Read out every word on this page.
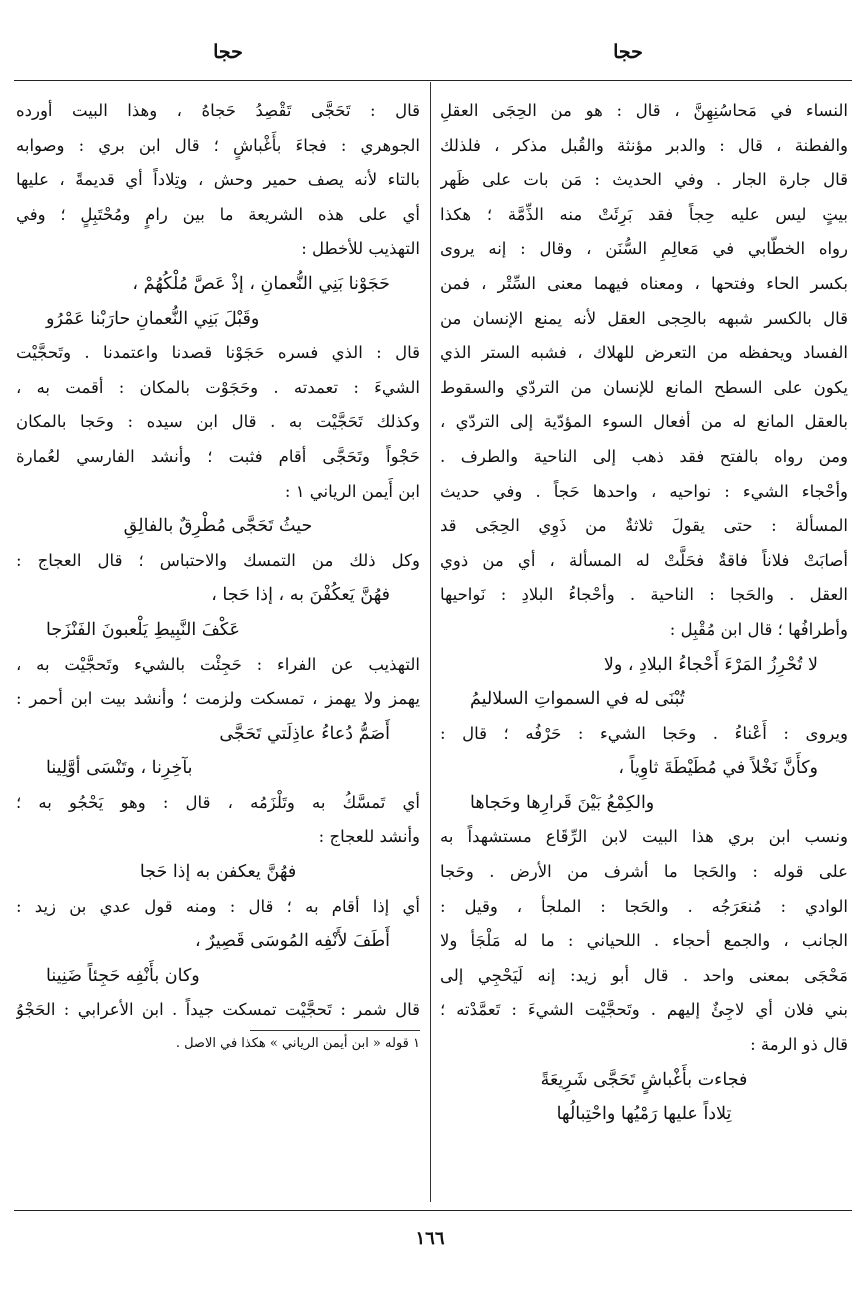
حجا
حجا
النساء في مَحاسُنِهِنَّ ، قال : هو من الحِجَى العقلِ
والفطنة ، قال : والدبر مؤنثة والقُبل مذكر ، فلذلك
قال جارة الجار . وفي الحديث : مَن بات على ظَهر
بيتٍ ليس عليه حِجاً فقد بَرِئَتْ منه الذِّمَّة ؛ هكذا
رواه الخطّابي في مَعالِمِ السُّنَن ، وقال : إنه يروى
بكسر الحاء وفتحها ، ومعناه فيهما معنى السِّتْر ، فمن
قال بالكسر شبهه بالحِجى العقل لأنه يمنع الإنسان من
الفساد ويحفظه من التعرض للهلاك ، فشبه الستر الذي
يكون على السطح المانع للإنسان من التردّي والسقوط
بالعقل المانع له من أفعال السوء المؤدّية إلى التردّي ،
ومن رواه بالفتح فقد ذهب إلى الناحية والطرف .
وأحْجاء الشيء : نواحيه ، واحدها حَجاً . وفي حديث
المسألة : حتى يقولَ ثلاثةٌ من ذَوِي الحِجَى قد
أصابَتْ فلاناً فاقةٌ فحَلَّتْ له المسألة ، أي من ذوي
العقل . والحَجا : الناحية . وأحْجاءُ البلادِ : نَواحيها
وأطرافُها ؛ قال ابن مُقْبِل :
لا تُحْرِزُ المَرْءَ أَحْجاءُ البلادِ ، ولا
تُبْنَى له في السمواتِ السلاليمُ
ويروى : أَعْناءُ . وحَجا الشيء : حَرْفُه ؛ قال :
وكأَنَّ نَخْلاً في مُطَيْطَةَ ثاوِياً ،
والكِمْعُ بَيْنَ قَرارِها وحَجاها
ونسب ابن بري هذا البيت لابن الرِّقَاع مستشهداً به
على قوله : والحَجا ما أشرف من الأرض . وحَجا
الوادي : مُنعَرَجُه . والحَجا : الملجأ ، وقيل :
الجانب ، والجمع أحجاء . اللحياني : ما له مَلْجَأ ولا
مَحْجَى بمعنى واحد . قال أبو زيد: إنه لَيَحْجِي إلى
بني فلان أي لاجِئٌ إليهم . وتَحجَّيْت الشيءَ : تَعمَّدْته ؛
قال ذو الرمة :
فجاءت بأَغْباشٍ تَحَجَّى شَرِيعَةً
تِلاداً عليها رَمْيُها واحْتِبالُها
قال : تَحَجَّى تَقْصِدُ حَجاهُ ، وهذا البيت أورده
الجوهري : فجاءَ بأَغْباشٍ ؛ قال ابن بري : وصوابه
بالتاء لأنه يصف حمير وحش ، وتِلاداً أي قديمةً ، عليها
أي على هذه الشريعة ما بين رامٍ ومُحْتَبِلٍ ؛ وفي
التهذيب للأخطل :
حَجَوْنا بَنِي النُّعمانِ ، إذْ عَصَّ مُلْكُهُمْ ،
وقَبْلَ بَنِي النُّعمانِ حارَبْنا عَمْرُو
قال : الذي فسره حَجَوْنا قصدنا واعتمدنا . وتَحجَّيْت
الشيءَ : تعمدته . وحَجَوْت بالمكان : أقمت به ،
وكذلك تَحَجَّيْت به . قال ابن سيده : وحَجا بالمكان
حَجْواً وتَحَجَّى أقام فثبت ؛ وأنشد الفارسي لعُمارة
ابن أَيمن الرياني ١ :
حيثُ تَحَجَّى مُطْرِقٌ بالفالِقِ
وكل ذلك من التمسك والاحتباس ؛ قال العجاج :
فهُنَّ يَعكُفْنَ به ، إذا حَجا ،
عَكْفَ النَّبِيطِ يَلْعبونَ الفَنْزَجا
التهذيب عن الفراء : حَجِئْت بالشيء وتَحجَّيْت به ،
يهمز ولا يهمز ، تمسكت ولزمت ؛ وأنشد بيت ابن أحمر :
أَصَمُّ دُعاءُ عاذِلَتي تَحَجَّى
بآخِرِنا ، وتَنْسَى أوَّلِينا
أي تَمسَّكُ به وتَلْزَمُه ، قال : وهو يَحْجُو به ؛
وأنشد للعجاج :
فهُنَّ يعكفن به إذا حَجا
أي إذا أقام به ؛ قال : ومنه قول عدي بن زيد :
أَطَفَ لأَنْفِه المُوسَى قَصِيرٌ ،
وكان بأَنْفِه حَجِئاً ضَنِينا
قال شمر : تَحجَّيْت تمسكت جيداً . ابن الأعرابي : الحَجْوُ
١ قوله « ابن أيمن الرياني » هكذا في الاصل .
١٦٦
